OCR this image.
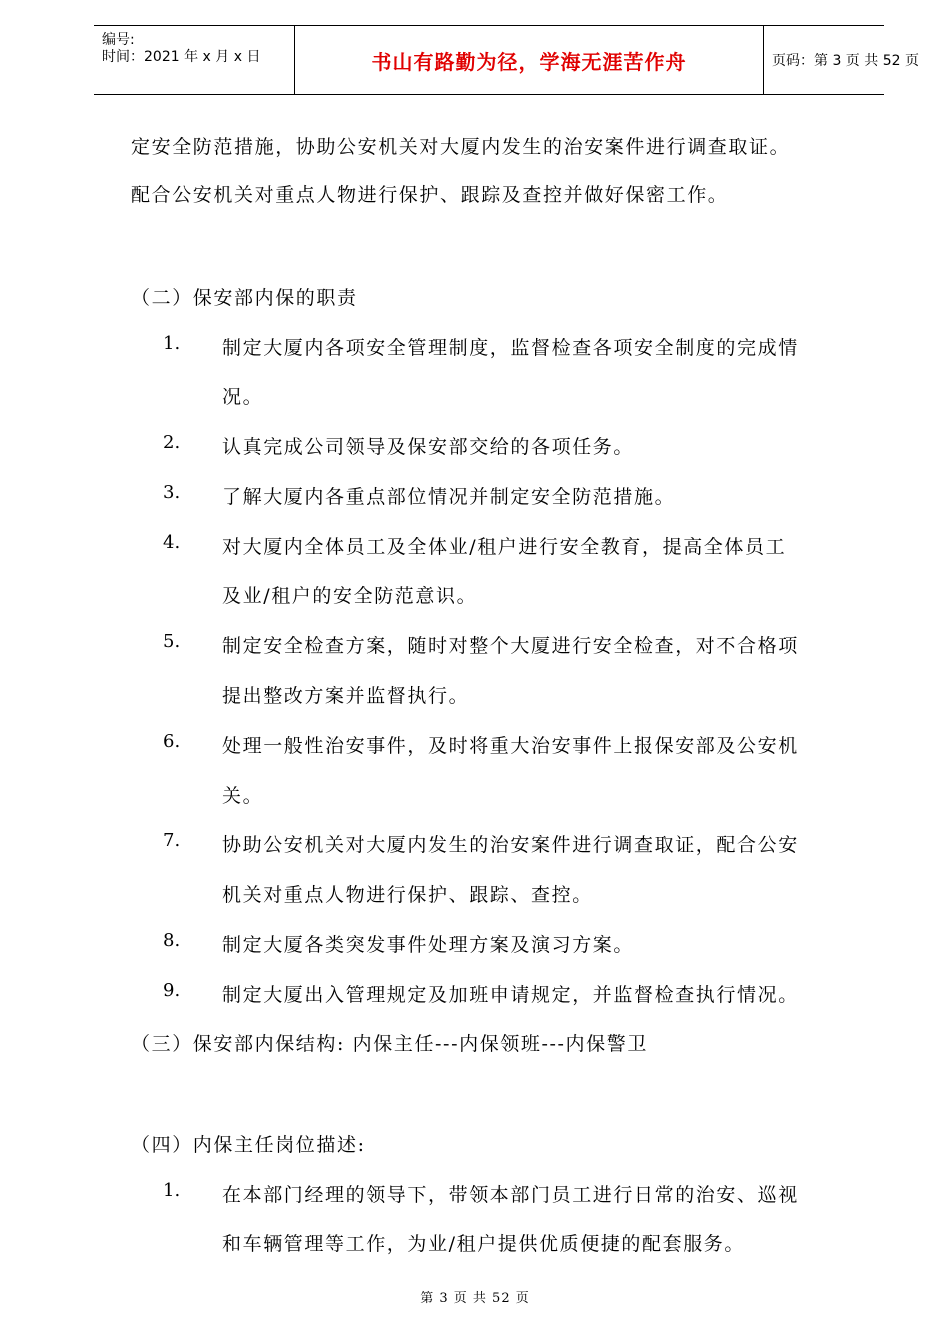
编号:
时间：2021 年 x 月 x 日	书山有路勤为径，学海无涯苦作舟	页码：第 3 页 共 52 页
定安全防范措施，协助公安机关对大厦内发生的治安案件进行调查取证。
配合公安机关对重点人物进行保护、跟踪及查控并做好保密工作。
（二）保安部内保的职责
1. 制定大厦内各项安全管理制度，监督检查各项安全制度的完成情
况。
2. 认真完成公司领导及保安部交给的各项任务。
3. 了解大厦内各重点部位情况并制定安全防范措施。
4. 对大厦内全体员工及全体业/租户进行安全教育，提高全体员工
及业/租户的安全防范意识。
5. 制定安全检查方案，随时对整个大厦进行安全检查，对不合格项
提出整改方案并监督执行。
6. 处理一般性治安事件，及时将重大治安事件上报保安部及公安机
关。
7. 协助公安机关对大厦内发生的治安案件进行调查取证，配合公安
机关对重点人物进行保护、跟踪、查控。
8. 制定大厦各类突发事件处理方案及演习方案。
9. 制定大厦出入管理规定及加班申请规定，并监督检查执行情况。
（三）保安部内保结构: 内保主任---内保领班---内保警卫
（四）内保主任岗位描述:
1. 在本部门经理的领导下，带领本部门员工进行日常的治安、巡视
和车辆管理等工作，为业/租户提供优质便捷的配套服务。
第 3 页 共 52 页
